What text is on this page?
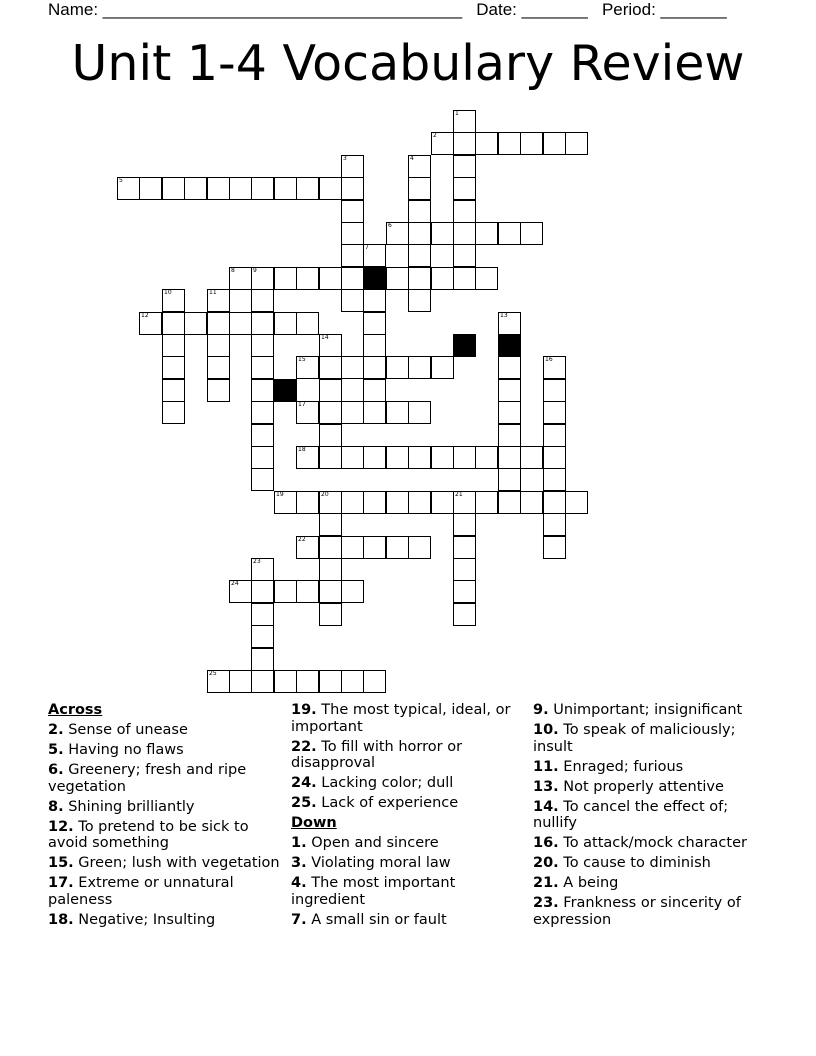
Name: ______________________________________   Date: _______   Period: _______
Unit 1-4 Vocabulary Review
1
2
3	4
5
6
7
8	9
10	11
12	13
14
15	16
17
18
19	20	21
22
23
24
25
Across
2. Sense of unease
5. Having no flaws
6. Greenery; fresh and ripe vegetation
8. Shining brilliantly
12. To pretend to be sick to avoid something
15. Green; lush with vegetation
17. Extreme or unnatural paleness
18. Negative; Insulting
19. The most typical, ideal, or important
22. To fill with horror or disapproval
24. Lacking color; dull
25. Lack of experience
Down
1. Open and sincere
3. Violating moral law
4. The most important ingredient
7. A small sin or fault
9. Unimportant; insignificant
10. To speak of maliciously; insult
11. Enraged; furious
13. Not properly attentive
14. To cancel the effect of; nullify
16. To attack/mock character
20. To cause to diminish
21. A being
23. Frankness or sincerity of expression
